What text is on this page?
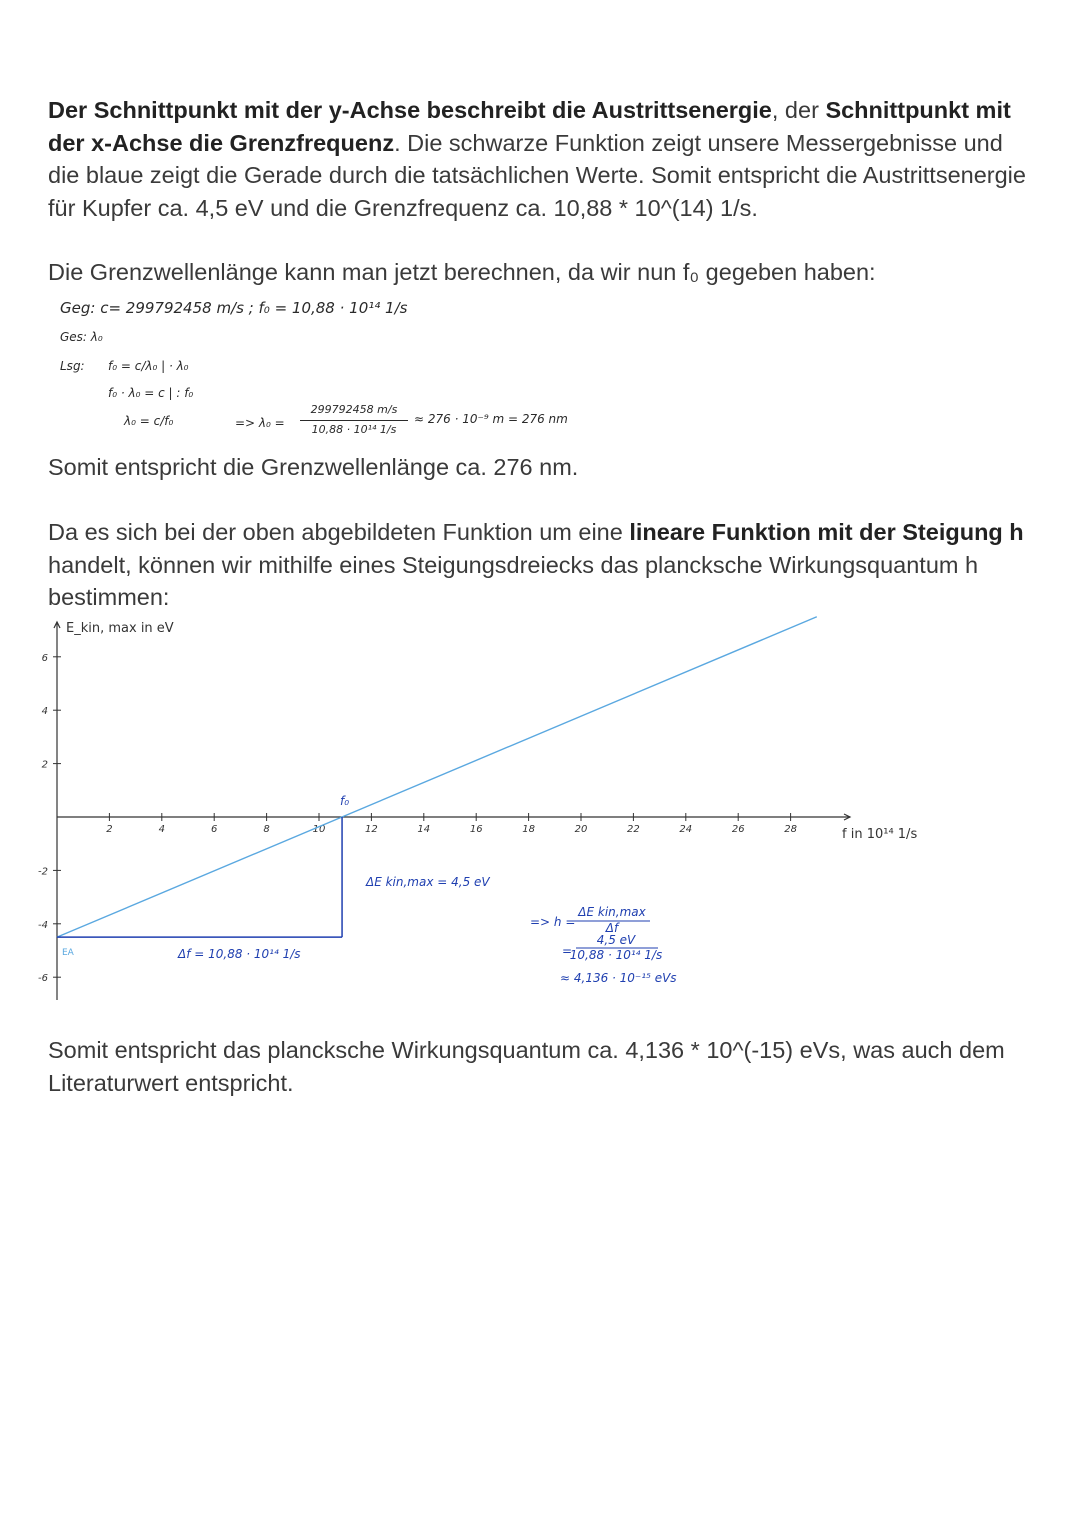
Der Schnittpunkt mit der y-Achse beschreibt die Austrittsenergie, der Schnittpunkt mit der x-Achse die Grenzfrequenz. Die schwarze Funktion zeigt unsere Messergebnisse und die blaue zeigt die Gerade durch die tatsächlichen Werte. Somit entspricht die Austrittsenergie für Kupfer ca. 4,5 eV und die Grenzfrequenz ca. 10,88 * 10^(14) 1/s.

Die Grenzwellenlänge kann man jetzt berechnen, da wir nun f₀ gegeben haben:

Geg: c= 299792458 m/s ; f₀ = 10,88 · 10¹⁴ 1/s
Ges: λ₀
Lsg: f₀ = c/λ₀ | · λ₀
f₀ · λ₀ = c | : f₀
λ₀ = c/f₀	=> λ₀ =
299792458 m/s
10,88 · 10¹⁴ 1/s
≈ 276 · 10⁻⁹ m = 276 nm

Somit entspricht die Grenzwellenlänge ca. 276 nm.

Da es sich bei der oben abgebildeten Funktion um eine lineare Funktion mit der Steigung h handelt, können wir mithilfe eines Steigungsdreiecks das plancksche Wirkungsquantum h bestimmen:

2	4	6	8	10	12	14	16	18	20	22	24	26	28
6
4
2
-2
-4
-6
E_kin, max in eV
f in 10¹⁴ 1/s
f₀
EA	Δf = 10,88 · 10¹⁴ 1/s
ΔE kin,max = 4,5 eV
=> h =
ΔE kin,max
Δf
=
4,5 eV
10,88 · 10¹⁴ 1/s
≈ 4,136 · 10⁻¹⁵ eVs

Somit entspricht das plancksche Wirkungsquantum ca. 4,136 * 10^(-15) eVs, was auch dem Literaturwert entspricht.
